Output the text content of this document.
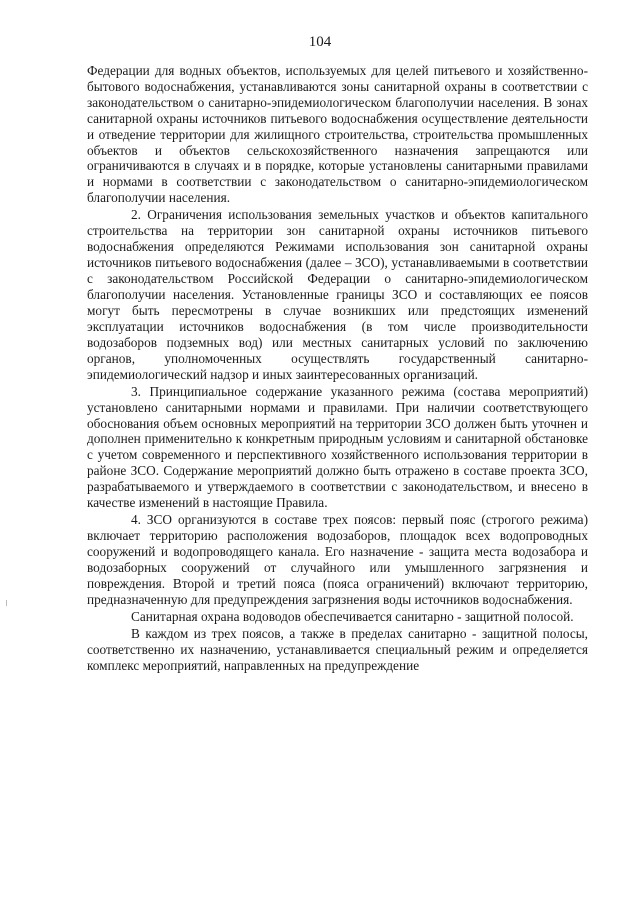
104

Федерации для водных объектов, используемых для целей питьевого и хозяйственно-бытового водоснабжения, устанавливаются зоны санитарной охраны в соответствии с законодательством о санитарно-эпидемиологическом благополучии населения. В зонах санитарной охраны источников питьевого водоснабжения осуществление деятельности и отведение территории для жилищного строительства, строительства промышленных объектов и объектов сельскохозяйственного назначения запрещаются или ограничиваются в случаях и в порядке, которые установлены санитарными правилами и нормами в соответствии с законодательством о санитарно-эпидемиологическом благополучии населения.

2. Ограничения использования земельных участков и объектов капитального строительства на территории зон санитарной охраны источников питьевого водоснабжения определяются Режимами использования зон санитарной охраны источников питьевого водоснабжения (далее – ЗСО), устанавливаемыми в соответствии с законодательством Российской Федерации о санитарно-эпидемиологическом благополучии населения. Установленные границы ЗСО и составляющих ее поясов могут быть пересмотрены в случае возникших или предстоящих изменений эксплуатации источников водоснабжения (в том числе производительности водозаборов подземных вод) или местных санитарных условий по заключению органов, уполномоченных осуществлять государственный санитарно-эпидемиологический надзор и иных заинтересованных организаций.

3. Принципиальное содержание указанного режима (состава мероприятий) установлено санитарными нормами и правилами. При наличии соответствующего обоснования объем основных мероприятий на территории ЗСО должен быть уточнен и дополнен применительно к конкретным природным условиям и санитарной обстановке с учетом современного и перспективного хозяйственного использования территории в районе ЗСО. Содержание мероприятий должно быть отражено в составе проекта ЗСО, разрабатываемого и утверждаемого в соответствии с законодательством, и внесено в качестве изменений в настоящие Правила.

4. ЗСО организуются в составе трех поясов: первый пояс (строгого режима) включает территорию расположения водозаборов, площадок всех водопроводных сооружений и водопроводящего канала. Его назначение - защита места водозабора и водозаборных сооружений от случайного или умышленного загрязнения и повреждения. Второй и третий пояса (пояса ограничений) включают территорию, предназначенную для предупреждения загрязнения воды источников водоснабжения.

Санитарная охрана водоводов обеспечивается санитарно - защитной полосой.

В каждом из трех поясов, а также в пределах санитарно - защитной полосы, соответственно их назначению, устанавливается специальный режим и определяется комплекс мероприятий, направленных на предупреждение
